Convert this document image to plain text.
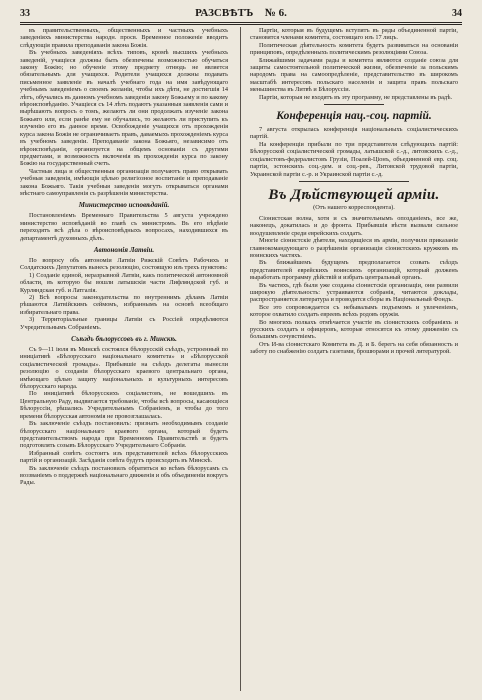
33	РАЗСВѢТЪ № 6.	34

въ правительственныхъ, общественныхъ и частныхъ учебныхъ заведеніяхъ министерства народн. просв. Временное положеніе вводитъ слѣдующія правила преподаванія закона Божія.

Въ учебныхъ заведеніяхъ всѣхъ типовъ, кромѣ высшихъ учебныхъ заведеній, учащіеся должны быть обезпечены возможностью обучаться закону Божію; но обученіе этому предмету отнюдь не является обязательнымъ для учащихся. Родители учащихся должны подавать письменное заявленіе въ началѣ учебнаго года на имя завѣдующаго учебнымъ заведеніемъ о своемъ желаніи, чтобы ихъ дѣти, не достигшія 14 лѣтъ, обучались въ данномъ учебномъ заведеніи закону Божьему и по какому вѣроисповѣданію. Учащіеся съ 14 лѣтъ подаютъ указанныя заявленія сами и вырѣшаютъ вопросъ о томъ, желаютъ ли они продолжать изученіе закона Божьяго или, если ранѣе ему не обучались, то желаютъ ли приступить къ изученію его въ данное время. Освобожденіе учащихся отъ прохожденія курса закона Божія не ограничиваетъ правъ, даваемыхъ прохожденіемъ курса въ учебномъ заведеніи. Преподаваніе закона Божьяго, независимо отъ вѣроисповѣданія, организуется на общемъ основаніи съ другими предметами, и возможность включенія въ прохожденіи курса по закону Божію на государственный счетъ.

Частныя лица и общественныя организаціи получаютъ право открывать учебныя заведенія, имѣющія цѣлью религіозное воспитаніе и преподаваніе закона Божьяго. Такія учебныя заведенія могутъ открываться органами мѣстнаго самоуправленія съ разрѣшенія министерства.

Министерство исповѣданій.

Постановленіемъ Временнаго Правительства 5 августа учреждено министерство исповѣданій во главѣ съ министромъ. Въ его вѣдѣніе переходятъ всѣ дѣла о вѣроисповѣдныхъ вопросахъ, находившихся въ департаментѣ духовныхъ дѣлъ.

Автономія Латвіи.

По вопросу объ автономіи Латвіи Рижскій Совѣтъ Рабочихъ и Солдатскихъ Депутатовъ вынесъ резолюцію, состоящую изъ трехъ пунктовъ:

1) Созданіе единой, неразрывной Латвіи, какъ политической автономной области, въ которую бы вошли латышскія части Лифляндской губ. и Курляндская губ. и Латгалія.

2) Всѣ вопросы законодательства по внутреннимъ дѣламъ Латвіи рѣшаются Латвійскимъ сеймомъ, избраннымъ на основѣ всеобщаго избирательнаго права.

3) Территоріальные границы Латвіи съ Россіей опредѣляются Учредительнымъ Собраніемъ.

Съѣздъ бѣлоруссовъ въ г. Минскѣ.

Съ 9—11 іюля въ Минскѣ состоялся бѣлорусскій съѣздъ, устроенный по иниціативѣ «Бѣлорусскаго національнаго комитета» и «Бѣлорусской соціалистической громады». Прибывшіе на съѣздъ делегаты вынесли резолюцію о созданіи бѣлорусскаго краевого центральнаго органа, имѣющаго цѣлью защиту національныхъ и культурныхъ интересовъ бѣлорусскаго народа.

По иниціативѣ бѣлорусскихъ соціалистовъ, не вошедшихъ въ Центральную Раду, выдвигается требованіе, чтобы всѣ вопросы, касающіеся Бѣлоруссіи, рѣшались Учредительнымъ Собраніемъ, и чтобы до того времени бѣлорусская автономія не провозглашалась.

Въ заключеніе съѣздъ постановилъ: признать необходимымъ созданіе бѣлорусскаго національнаго краевого органа, который будетъ представительствомъ народа при Временномъ Правительствѣ и будетъ подготовлять созывъ Бѣлорусскаго Учредительнаго Собранія.

Избранный совѣтъ состоитъ изъ представителей всѣхъ бѣлорусскихъ партій и организацій. Засѣданія совѣта будутъ происходить въ Минскѣ.

Въ заключеніе съѣздъ постановилъ обратиться ко всѣмъ бѣлорусамъ съ воззваніемъ о поддержкѣ національнаго движенія и объ объединеніи вокругъ Рады.

Партіи, которыя въ будущемъ вступятъ въ ряды объединенной партіи, становятся членами комитета, состоящаго изъ 17 лицъ.

Политическая дѣятельность комитета будетъ развиваться на основаніи принциповъ, опредѣленныхъ политическимъ резолюціями Союза.

Ближайшими задачами рады и комитета являются созданіе союза для защиты самостоятельной политической жизни, обезпеченіе за польскимъ народомъ права на самоопредѣленіе, представительство въ широкомъ масштабѣ интересовъ польскаго населенія и защита правъ польскаго меньшинства въ Литвѣ и Бѣлоруссіи.

Партіи, которыя не входятъ въ эту программу, не представлены въ радѣ.

Конференція нац.-соц. партій.

7 августа открылась конференція національныхъ соціалистическихъ партій.

На конференціи прибыли по три представителя слѣдующихъ партій: Бѣлорусской соціалистической громады, латышской с.-д., литовскихъ с.-д., соціалистовъ-федералистовъ Грузіи, Поалей-Ціонъ, объединенной евр. соц. партіи, эстонскихъ соц.-дем. и соц.-рев., Литовской трудовой партіи, Украинской партіи с.-р. и Украинской партіи с.-д.

Въ Дѣйствующей арміи.
(Отъ нашего корреспондента).

Сіонистская волна, хотя и съ значительнымъ опозданіемъ, все же, наконецъ, докатилась и до фронта. Прибывшія вѣсти вызвали сильное воодушевленіе среди еврейскихъ солдатъ.

Многіе сіонистскіе дѣятели, находящіеся въ арміи, получили приказаніе главнокомандующаго о разрѣшеніи организаціи сіонистскихъ кружковъ въ воинскихъ частяхъ.

Въ ближайшемъ будущемъ предполагается созвать съѣздъ представителей еврейскихъ воинскихъ организацій, который долженъ выработать программу дѣйствій и избрать центральный органъ.

Въ частяхъ, гдѣ были уже созданы сіонистскія организаціи, они развили широкую дѣятельность: устраиваются собранія, читаются доклады, распространяется литература и проводятся сборы въ Національный Фондъ.

Все это сопровождается съ небывалымъ подъемомъ и увлеченіемъ, которое охватило солдатъ евреевъ всѣхъ родовъ оружія.

Во многихъ полкахъ отмѣчается участіе въ сіонистскихъ собраніяхъ и русскихъ солдатъ и офицеровъ, которые относятся къ этому движенію съ большимъ сочувствіемъ.

Отъ И-ва сіонистскаго Комитета въ Д. и Б. берегъ на себя обязанность и заботу по снабженію солдатъ газетами, брошюрами и прочей литературой.
